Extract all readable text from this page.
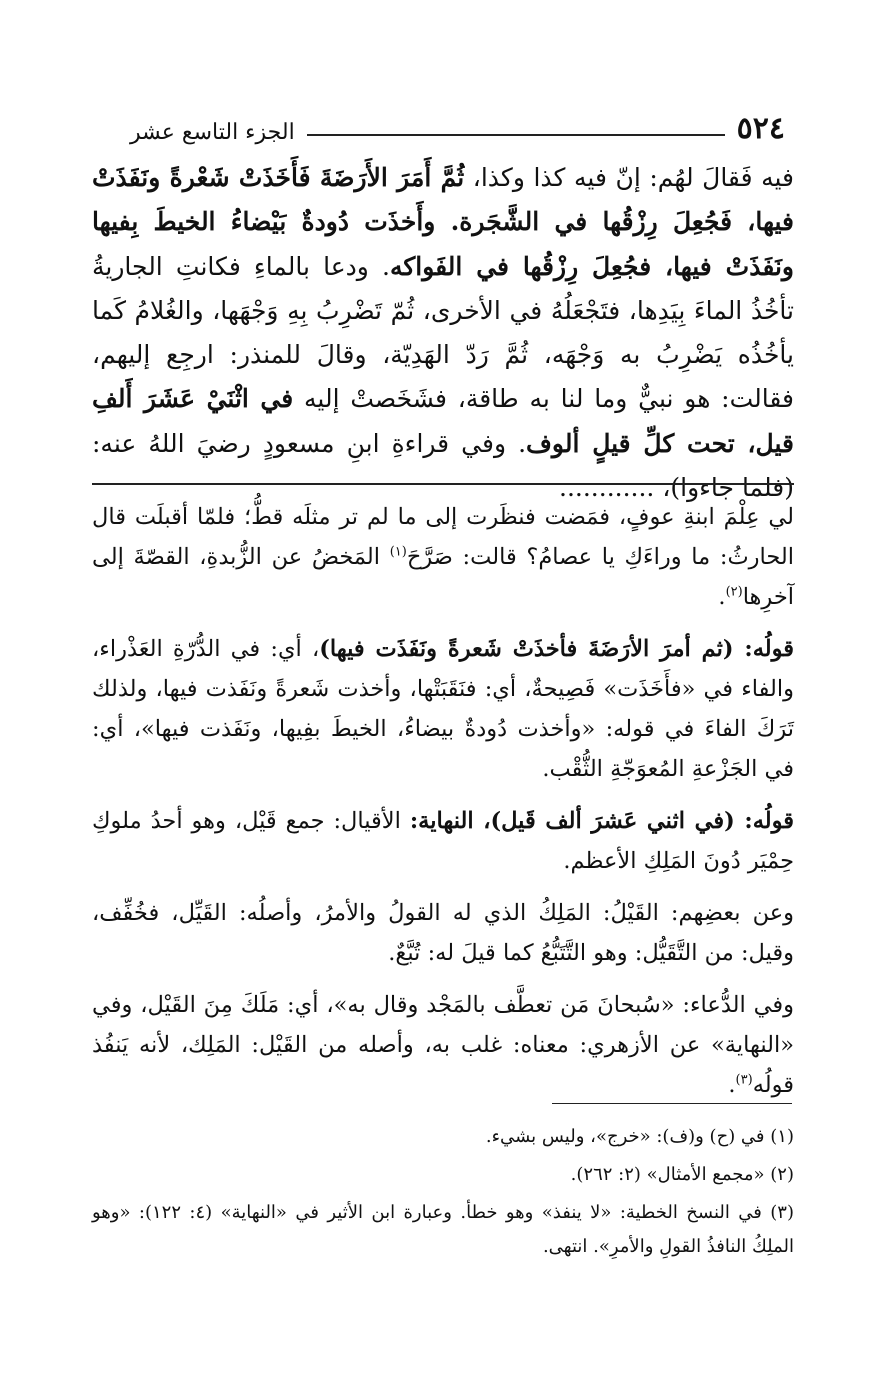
٥٢٤
الجزء التاسع عشر

فيه فَقالَ لهُم: إنّ فيه كذا وكذا، ثُمَّ أَمَرَ الأَرَضَةَ فَأَخَذَتْ شَعْرةً ونَفَذَتْ فيها، فَجُعِلَ رِزْقُها في الشَّجَرة. وأَخذَت دُودةٌ بَيْضاءُ الخيطَ بِفيها ونَفَذَتْ فيها، فجُعِلَ رِزْقُها في الفَواكه. ودعا بالماءِ فكانتِ الجاريةُ تأخُذُ الماءَ بِيَدِها، فتَجْعَلُهُ في الأخرى، ثُمّ تَضْرِبُ بِهِ وَجْهَها، والغُلامُ كَما يأخُذُه يَضْرِبُ به وَجْهَه، ثُمَّ رَدّ الهَدِيّة، وقالَ للمنذر: ارجِع إليهم، فقالت: هو نبيٌّ وما لنا به طاقة، فشَخَصتْ إليه في اثْنَيْ عَشَرَ أَلفِ قيل، تحت كلِّ قيلٍ ألوف. وفي قراءةِ ابنِ مسعودٍ رضيَ اللهُ عنه: (فلما جاءوا)، ............

لي عِلْمَ ابنةِ عوفٍ، فمَضت فنظَرت إلى ما لم تر مثلَه قطُّ؛ فلمّا أقبلَت قال الحارثُ: ما وراءَكِ يا عصامُ؟ قالت: صَرَّحَ$^{(١)}$ المَخضُ عن الزُّبدةِ، القصّةَ إلى آخرِها$^{(٢)}$.

قولُه: (ثم أمرَ الأرَضَةَ فأخذَتْ شَعرةً ونَفَذَت فيها)، أي: في الدُّرّةِ العَذْراء، والفاء في «فأَخَذَت» فَصِيحةٌ، أي: فنَقَبَتْها، وأخذت شَعرةً ونَفَذت فيها، ولذلك تَرَكَ الفاءَ في قوله: «وأخذت دُودةٌ بيضاءُ، الخيطَ بفِيها، ونَفَذت فيها»، أي: في الجَزْعةِ المُعوَجّةِ الثُّقْب.

قولُه: (في اثني عَشرَ ألف قَيل)، النهاية: الأقيال: جمع قَيْل، وهو أحدُ ملوكِ حِمْيَر دُونَ المَلِكِ الأعظم.

وعن بعضِهم: القَيْلُ: المَلِكُ الذي له القولُ والأمرُ، وأصلُه: القَيِّل، فخُفِّف، وقيل: من التَّقَيُّل: وهو التَّتَبُّعُ كما قيلَ له: تُبَّعٌ.

وفي الدُّعاء: «سُبحانَ مَن تعطَّف بالمَجْد وقال به»، أي: مَلَكَ مِنَ القَيْل، وفي «النهاية» عن الأزهري: معناه: غلب به، وأصله من القَيْل: المَلِك، لأنه يَنفُذ قولُه$^{(٣)}$.

(١) في (ح) و(ف): «خرج»، وليس بشيء.

(٢) «مجمع الأمثال» (٢: ٢٦٢).

(٣) في النسخ الخطية: «لا ينفذ» وهو خطأ. وعبارة ابن الأثير في «النهاية» (٤: ١٢٢): «وهو الملِكُ النافذُ القولِ والأمرِ». انتهى.
